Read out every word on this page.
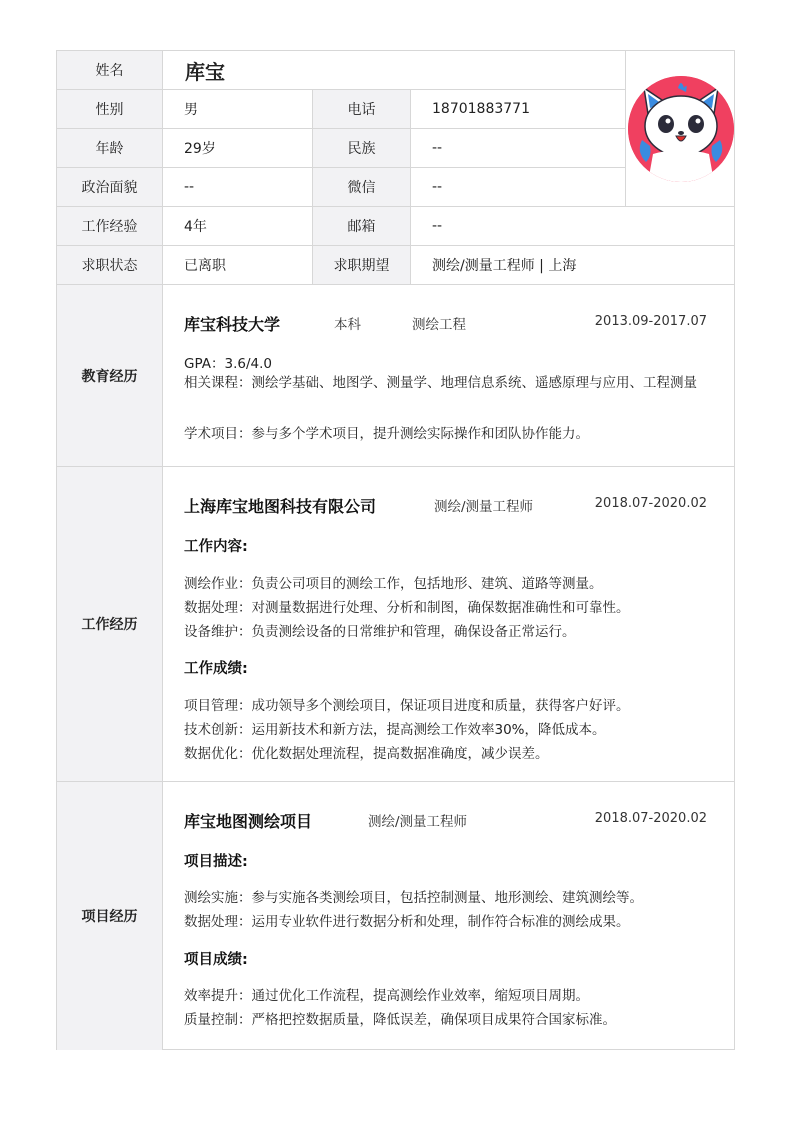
姓名	库宝
性别	男	电话	18701883771
年龄	29岁	民族	--
政治面貌	--	微信	--
工作经验	4年	邮箱	--
求职状态	已离职	求职期望	测绘/测量工程师 | 上海
教育经历
库宝科技大学	本科	测绘工程	2013.09-2017.07
GPA：3.6/4.0
相关课程：测绘学基础、地图学、测量学、地理信息系统、遥感原理与应用、工程测量
学术项目：参与多个学术项目，提升测绘实际操作和团队协作能力。
工作经历
上海库宝地图科技有限公司	测绘/测量工程师	2018.07-2020.02
工作内容:
测绘作业：负责公司项目的测绘工作，包括地形、建筑、道路等测量。
数据处理：对测量数据进行处理、分析和制图，确保数据准确性和可靠性。
设备维护：负责测绘设备的日常维护和管理，确保设备正常运行。
工作成绩:
项目管理：成功领导多个测绘项目，保证项目进度和质量，获得客户好评。
技术创新：运用新技术和新方法，提高测绘工作效率30%，降低成本。
数据优化：优化数据处理流程，提高数据准确度，减少误差。
项目经历
库宝地图测绘项目	测绘/测量工程师	2018.07-2020.02
项目描述:
测绘实施：参与实施各类测绘项目，包括控制测量、地形测绘、建筑测绘等。
数据处理：运用专业软件进行数据分析和处理，制作符合标准的测绘成果。
项目成绩:
效率提升：通过优化工作流程，提高测绘作业效率，缩短项目周期。
质量控制：严格把控数据质量，降低误差，确保项目成果符合国家标准。
